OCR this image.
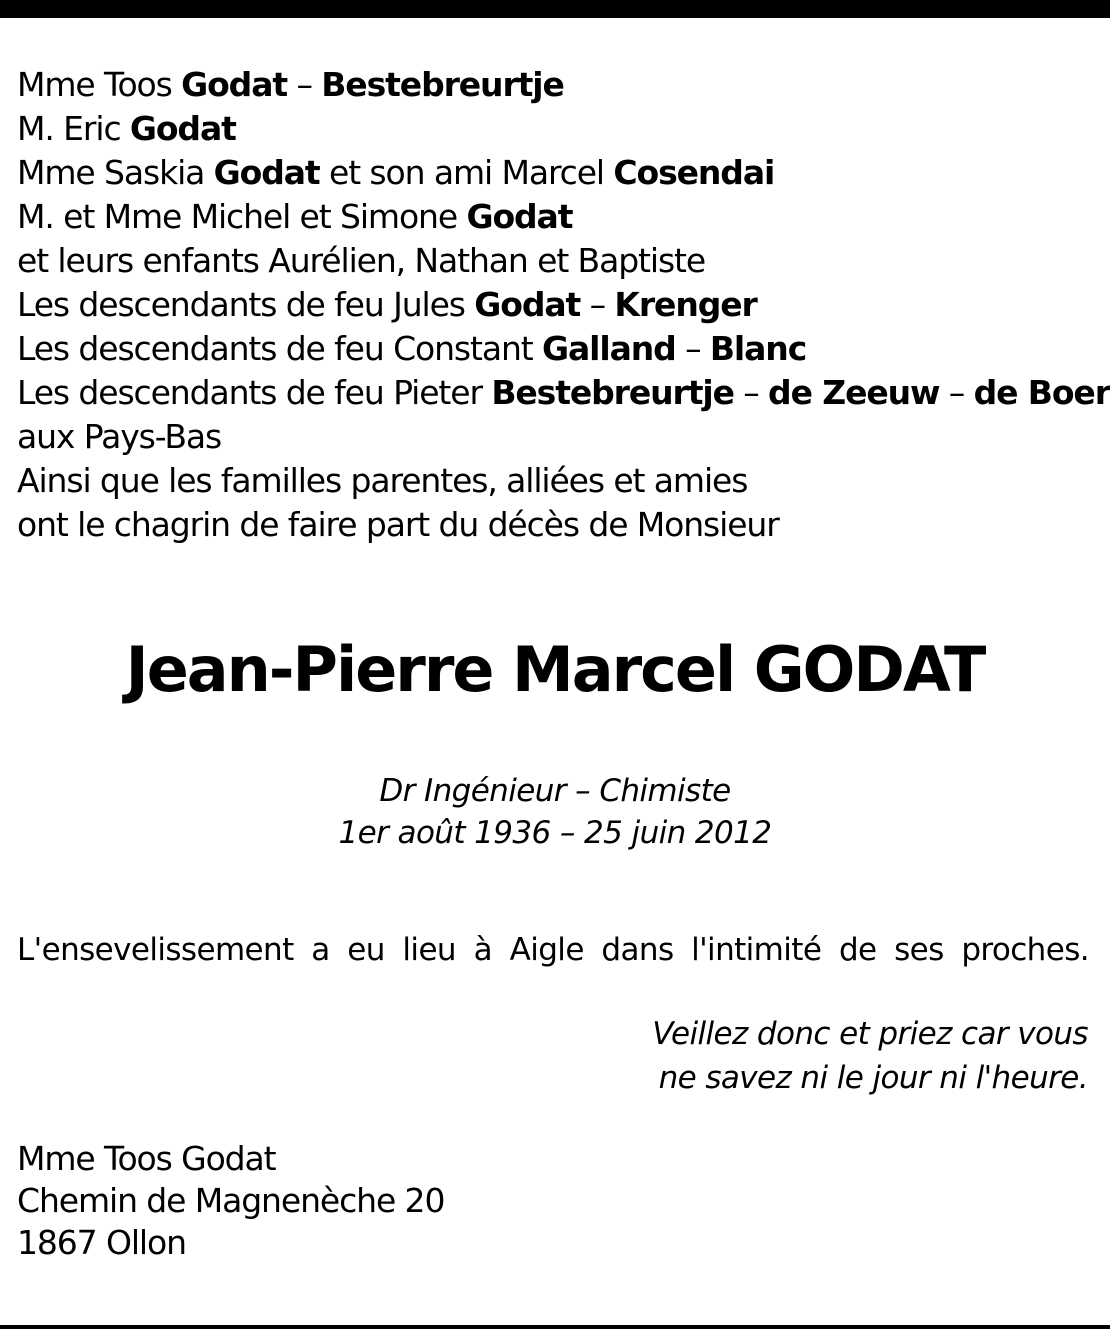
Mme Toos Godat – Bestebreurtje
M. Eric Godat
Mme Saskia Godat et son ami Marcel Cosendai
M. et Mme Michel et Simone Godat
et leurs enfants Aurélien, Nathan et Baptiste
Les descendants de feu Jules Godat – Krenger
Les descendants de feu Constant Galland – Blanc
Les descendants de feu Pieter Bestebreurtje – de Zeeuw – de Boer
aux Pays-Bas
Ainsi que les familles parentes, alliées et amies
ont le chagrin de faire part du décès de Monsieur
Jean-Pierre Marcel GODAT
Dr Ingénieur – Chimiste
1er août 1936 – 25 juin 2012
L'ensevelissement a eu lieu à Aigle dans l'intimité de ses proches.
Veillez donc et priez car vous
ne savez ni le jour ni l'heure.
Mme Toos Godat
Chemin de Magnenèche 20
1867 Ollon
